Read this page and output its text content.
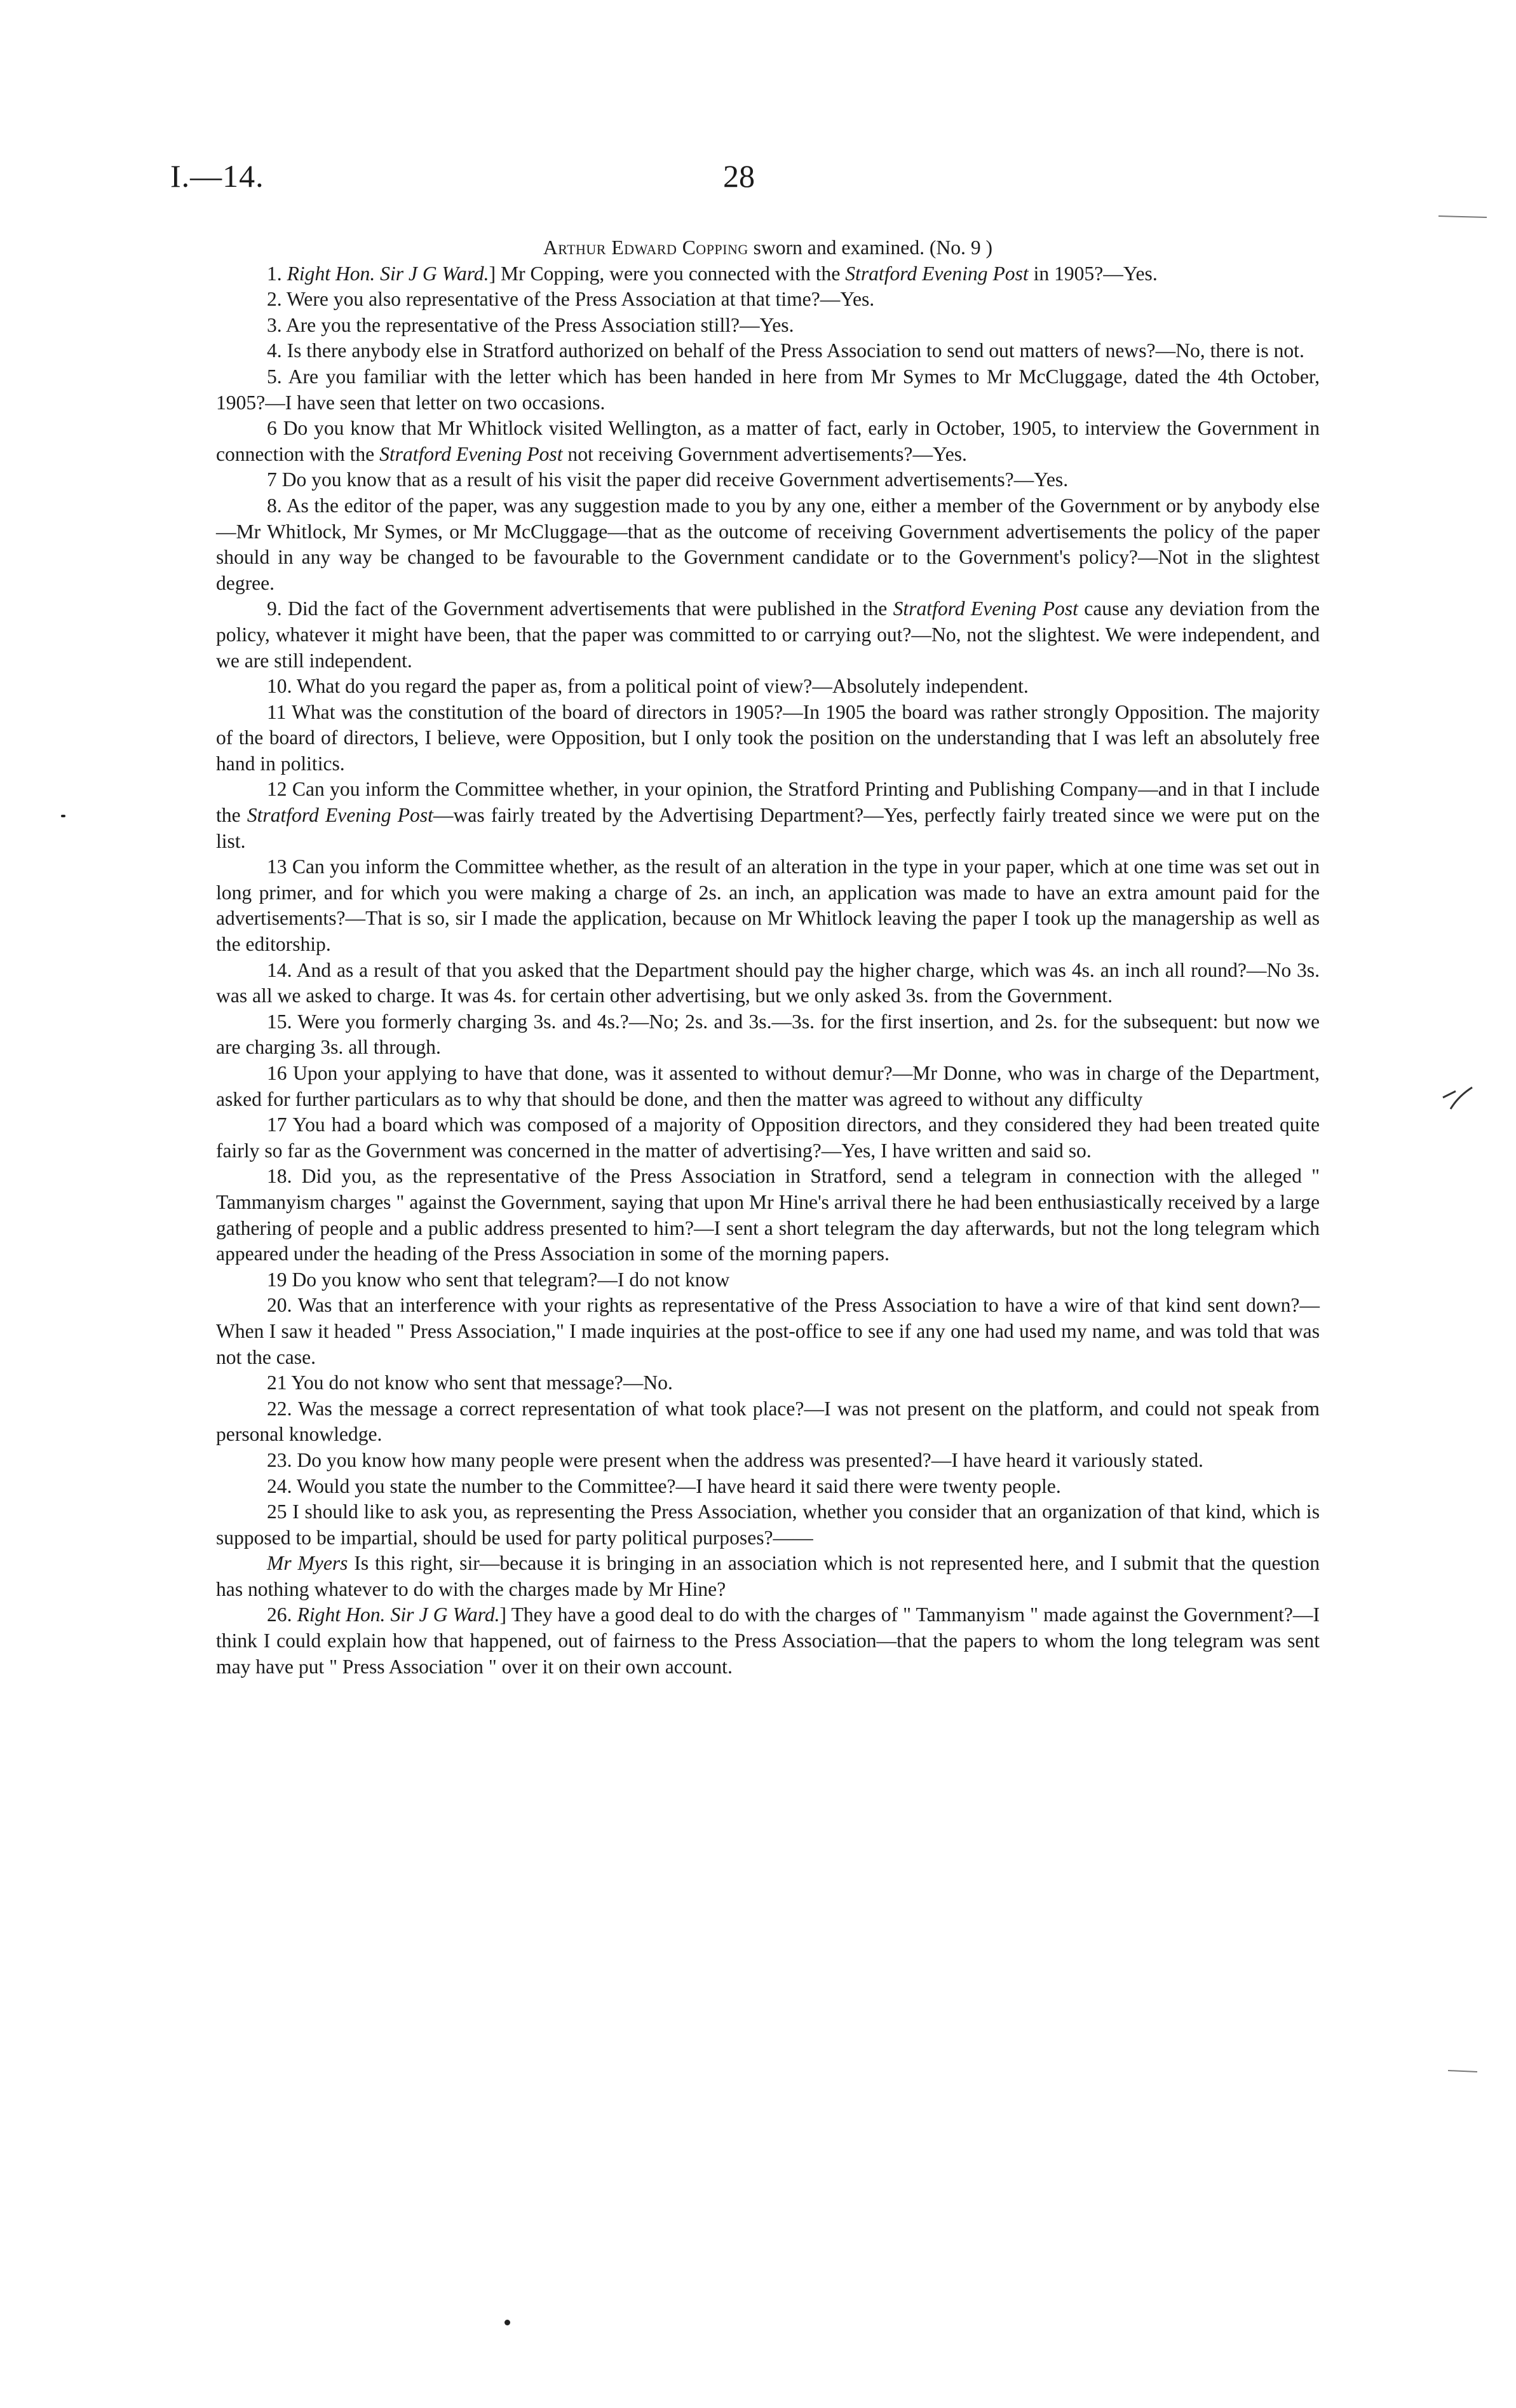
I.—14.	28
Arthur Edward Copping sworn and examined. (No. 9 )

1. Right Hon. Sir J G Ward.] Mr Copping, were you connected with the Stratford Evening Post in 1905?—Yes.

2. Were you also representative of the Press Association at that time?—Yes.

3. Are you the representative of the Press Association still?—Yes.

4. Is there anybody else in Stratford authorized on behalf of the Press Association to send out matters of news?—No, there is not.

5. Are you familiar with the letter which has been handed in here from Mr Symes to Mr McCluggage, dated the 4th October, 1905?—I have seen that letter on two occasions.

6 Do you know that Mr Whitlock visited Wellington, as a matter of fact, early in October, 1905, to interview the Government in connection with the Stratford Evening Post not receiving Government advertisements?—Yes.

7 Do you know that as a result of his visit the paper did receive Government advertisements?—Yes.

8. As the editor of the paper, was any suggestion made to you by any one, either a member of the Government or by anybody else—Mr Whitlock, Mr Symes, or Mr McCluggage—that as the outcome of receiving Government advertisements the policy of the paper should in any way be changed to be favourable to the Government candidate or to the Government's policy?—Not in the slightest degree.

9. Did the fact of the Government advertisements that were published in the Stratford Evening Post cause any deviation from the policy, whatever it might have been, that the paper was committed to or carrying out?—No, not the slightest. We were independent, and we are still independent.

10. What do you regard the paper as, from a political point of view?—Absolutely independent.

11 What was the constitution of the board of directors in 1905?—In 1905 the board was rather strongly Opposition. The majority of the board of directors, I believe, were Opposition, but I only took the position on the understanding that I was left an absolutely free hand in politics.

12 Can you inform the Committee whether, in your opinion, the Stratford Printing and Publishing Company—and in that I include the Stratford Evening Post—was fairly treated by the Advertising Department?—Yes, perfectly fairly treated since we were put on the list.

13 Can you inform the Committee whether, as the result of an alteration in the type in your paper, which at one time was set out in long primer, and for which you were making a charge of 2s. an inch, an application was made to have an extra amount paid for the advertisements?—That is so, sir I made the application, because on Mr Whitlock leaving the paper I took up the managership as well as the editorship.

14. And as a result of that you asked that the Department should pay the higher charge, which was 4s. an inch all round?—No 3s. was all we asked to charge. It was 4s. for certain other advertising, but we only asked 3s. from the Government.

15. Were you formerly charging 3s. and 4s.?—No; 2s. and 3s.—3s. for the first insertion, and 2s. for the subsequent: but now we are charging 3s. all through.

16 Upon your applying to have that done, was it assented to without demur?—Mr Donne, who was in charge of the Department, asked for further particulars as to why that should be done, and then the matter was agreed to without any difficulty

17 You had a board which was composed of a majority of Opposition directors, and they considered they had been treated quite fairly so far as the Government was concerned in the matter of advertising?—Yes, I have written and said so.

18. Did you, as the representative of the Press Association in Stratford, send a telegram in connection with the alleged " Tammanyism charges " against the Government, saying that upon Mr Hine's arrival there he had been enthusiastically received by a large gathering of people and a public address presented to him?—I sent a short telegram the day afterwards, but not the long telegram which appeared under the heading of the Press Association in some of the morning papers.

19 Do you know who sent that telegram?—I do not know

20. Was that an interference with your rights as representative of the Press Association to have a wire of that kind sent down?—When I saw it headed " Press Association," I made inquiries at the post-office to see if any one had used my name, and was told that was not the case.

21 You do not know who sent that message?—No.

22. Was the message a correct representation of what took place?—I was not present on the platform, and could not speak from personal knowledge.

23. Do you know how many people were present when the address was presented?—I have heard it variously stated.

24. Would you state the number to the Committee?—I have heard it said there were twenty people.

25 I should like to ask you, as representing the Press Association, whether you consider that an organization of that kind, which is supposed to be impartial, should be used for party political purposes?——

Mr Myers Is this right, sir—because it is bringing in an association which is not represented here, and I submit that the question has nothing whatever to do with the charges made by Mr Hine?

26. Right Hon. Sir J G Ward.] They have a good deal to do with the charges of " Tammanyism " made against the Government?—I think I could explain how that happened, out of fairness to the Press Association—that the papers to whom the long telegram was sent may have put " Press Association " over it on their own account.
